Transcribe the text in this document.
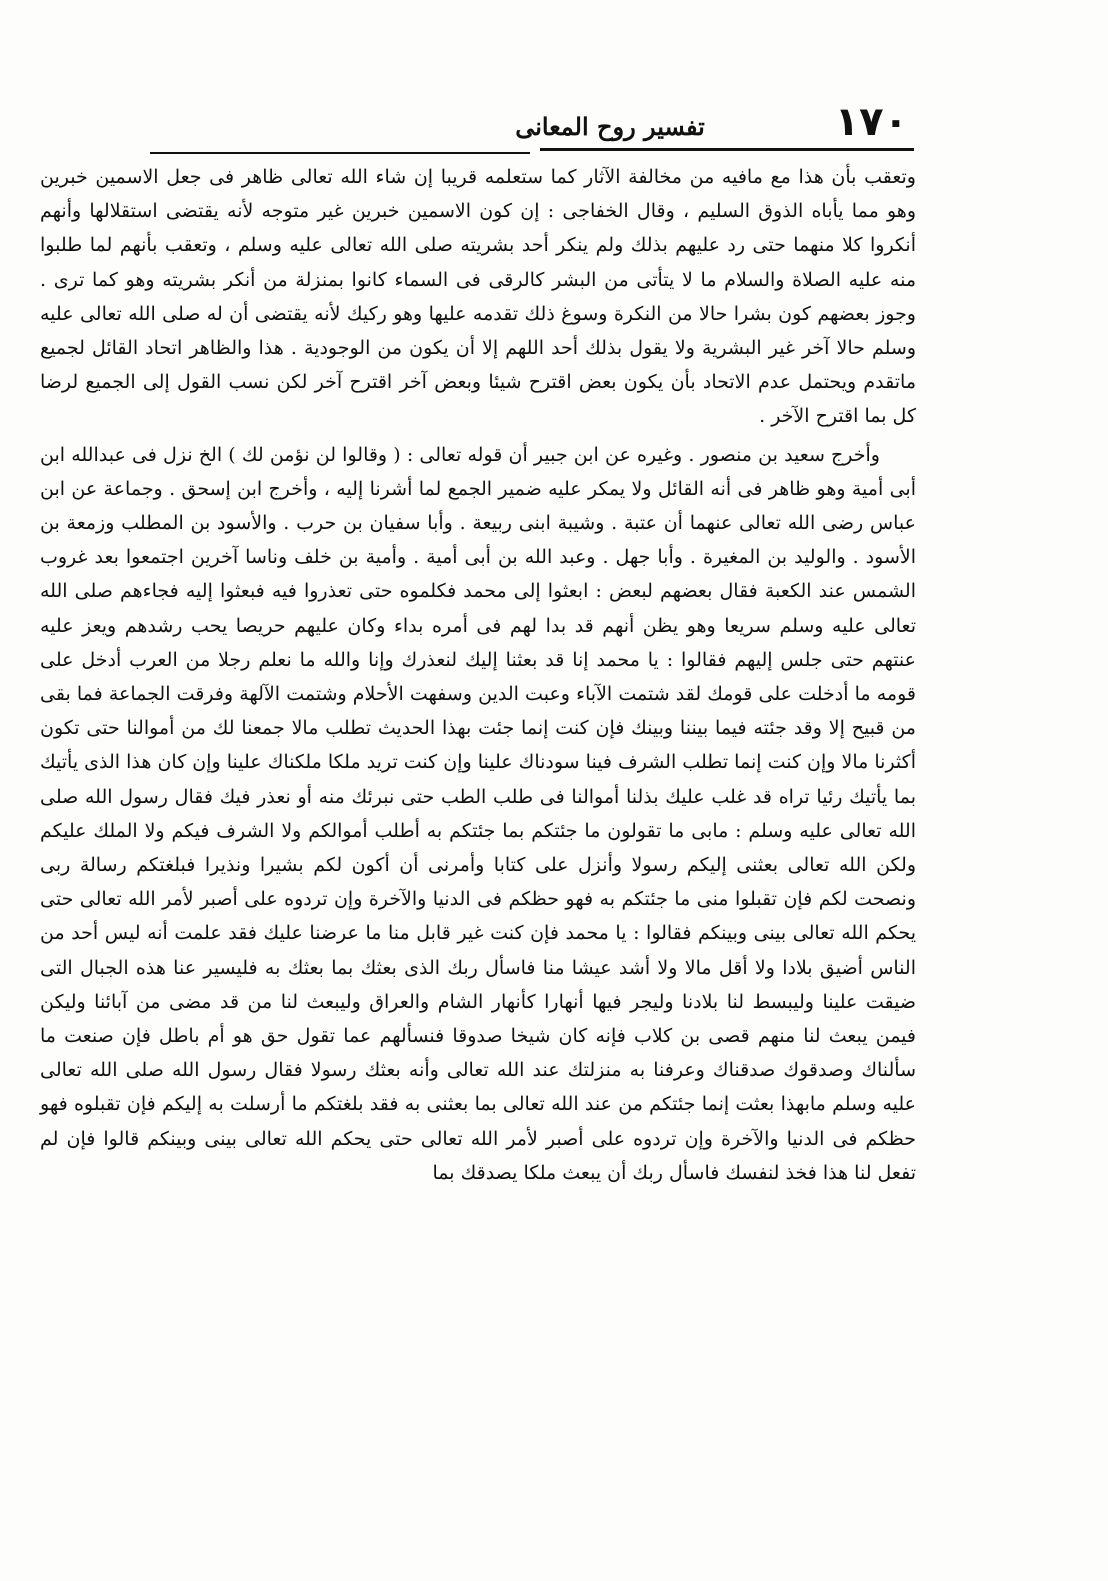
١٧٠
تفسير روح المعانى

وتعقب بأن هذا مع مافيه من مخالفة الآثار كما ستعلمه قريبا إن شاء الله تعالى ظاهر فى جعل الاسمين خبرين وهو مما يأباه الذوق السليم ، وقال الخفاجى : إن كون الاسمين خبرين غير متوجه لأنه يقتضى استقلالها وأنهم أنكروا كلا منهما حتى رد عليهم بذلك ولم ينكر أحد بشريته صلى الله تعالى عليه وسلم ، وتعقب بأنهم لما طلبوا منه عليه الصلاة والسلام ما لا يتأتى من البشر كالرقى فى السماء كانوا بمنزلة من أنكر بشريته وهو كما ترى . وجوز بعضهم كون بشرا حالا من النكرة وسوغ ذلك تقدمه عليها وهو ركيك لأنه يقتضى أن له صلى الله تعالى عليه وسلم حالا آخر غير البشرية ولا يقول بذلك أحد اللهم إلا أن يكون من الوجودية . هذا والظاهر اتحاد القائل لجميع ماتقدم ويحتمل عدم الاتحاد بأن يكون بعض اقترح شيئا وبعض آخر اقترح آخر لكن نسب القول إلى الجميع لرضا كل بما اقترح الآخر .

وأخرج سعيد بن منصور . وغيره عن ابن جبير أن قوله تعالى : ( وقالوا لن نؤمن لك ) الخ نزل فى عبدالله ابن أبى أمية وهو ظاهر فى أنه القائل ولا يمكر عليه ضمير الجمع لما أشرنا إليه ، وأخرج ابن إسحق . وجماعة عن ابن عباس رضى الله تعالى عنهما أن عتبة . وشيبة ابنى ربيعة . وأبا سفيان بن حرب . والأسود بن المطلب وزمعة بن الأسود . والوليد بن المغيرة . وأبا جهل . وعبد الله بن أبى أمية . وأمية بن خلف وناسا آخرين اجتمعوا بعد غروب الشمس عند الكعبة فقال بعضهم لبعض : ابعثوا إلى محمد فكلموه حتى تعذروا فيه فبعثوا إليه فجاءهم صلى الله تعالى عليه وسلم سريعا وهو يظن أنهم قد بدا لهم فى أمره بداء وكان عليهم حريصا يحب رشدهم ويعز عليه عنتهم حتى جلس إليهم فقالوا : يا محمد إنا قد بعثنا إليك لنعذرك وإنا والله ما نعلم رجلا من العرب أدخل على قومه ما أدخلت على قومك لقد شتمت الآباء وعبت الدين وسفهت الأحلام وشتمت الآلهة وفرقت الجماعة فما بقى من قبيح إلا وقد جئته فيما بيننا وبينك فإن كنت إنما جئت بهذا الحديث تطلب مالا جمعنا لك من أموالنا حتى تكون أكثرنا مالا وإن كنت إنما تطلب الشرف فينا سودناك علينا وإن كنت تريد ملكا ملكناك علينا وإن كان هذا الذى يأتيك بما يأتيك رئيا تراه قد غلب عليك بذلنا أموالنا فى طلب الطب حتى نبرئك منه أو نعذر فيك فقال رسول الله صلى الله تعالى عليه وسلم : مابى ما تقولون ما جئتكم بما جئتكم به أطلب أموالكم ولا الشرف فيكم ولا الملك عليكم ولكن الله تعالى بعثنى إليكم رسولا وأنزل على كتابا وأمرنى أن أكون لكم بشيرا ونذيرا فبلغتكم رسالة ربى ونصحت لكم فإن تقبلوا منى ما جئتكم به فهو حظكم فى الدنيا والآخرة وإن تردوه على أصبر لأمر الله تعالى حتى يحكم الله تعالى بينى وبينكم فقالوا : يا محمد فإن كنت غير قابل منا ما عرضنا عليك فقد علمت أنه ليس أحد من الناس أضيق بلادا ولا أقل مالا ولا أشد عيشا منا فاسأل ربك الذى بعثك بما بعثك به فليسير عنا هذه الجبال التى ضيقت علينا وليبسط لنا بلادنا وليجر فيها أنهارا كأنهار الشام والعراق وليبعث لنا من قد مضى من آبائنا وليكن فيمن يبعث لنا منهم قصى بن كلاب فإنه كان شيخا صدوقا فنسألهم عما تقول حق هو أم باطل فإن صنعت ما سألناك وصدقوك صدقناك وعرفنا به منزلتك عند الله تعالى وأنه بعثك رسولا فقال رسول الله صلى الله تعالى عليه وسلم مابهذا بعثت إنما جئتكم من عند الله تعالى بما بعثنى به فقد بلغتكم ما أرسلت به إليكم فإن تقبلوه فهو حظكم فى الدنيا والآخرة وإن تردوه على أصبر لأمر الله تعالى حتى يحكم الله تعالى بينى وبينكم قالوا فإن لم تفعل لنا هذا فخذ لنفسك فاسأل ربك أن يبعث ملكا يصدقك بما
